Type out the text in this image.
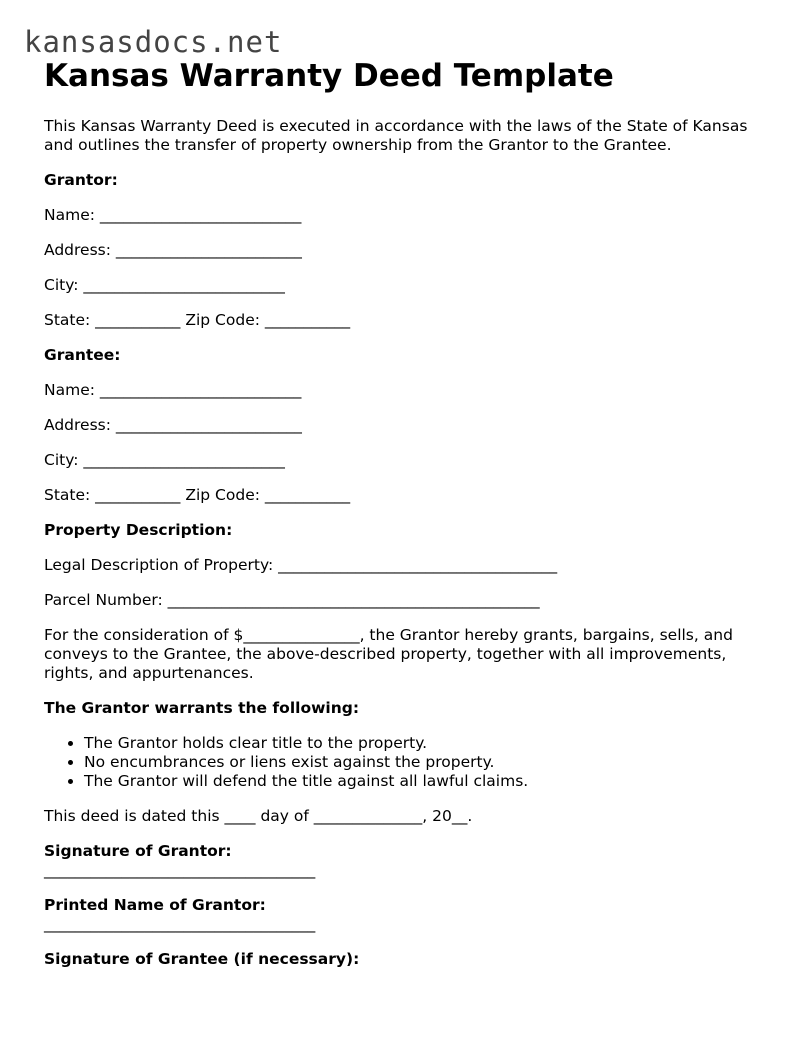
kansasdocs.net
Kansas Warranty Deed Template

This Kansas Warranty Deed is executed in accordance with the laws of the State of Kansas and outlines the transfer of property ownership from the Grantor to the Grantee.

Grantor:

Name: __________________________

Address: ________________________

City: __________________________

State: ___________ Zip Code: ___________

Grantee:

Name: __________________________

Address: ________________________

City: __________________________

State: ___________ Zip Code: ___________

Property Description:

Legal Description of Property: ____________________________________

Parcel Number: ________________________________________________

For the consideration of $_______________, the Grantor hereby grants, bargains, sells, and conveys to the Grantee, the above-described property, together with all improvements, rights, and appurtenances.

The Grantor warrants the following:

• The Grantor holds clear title to the property.
• No encumbrances or liens exist against the property.
• The Grantor will defend the title against all lawful claims.

This deed is dated this ____ day of ______________, 20__.

Signature of Grantor:

___________________________________

Printed Name of Grantor:

___________________________________

Signature of Grantee (if necessary):
